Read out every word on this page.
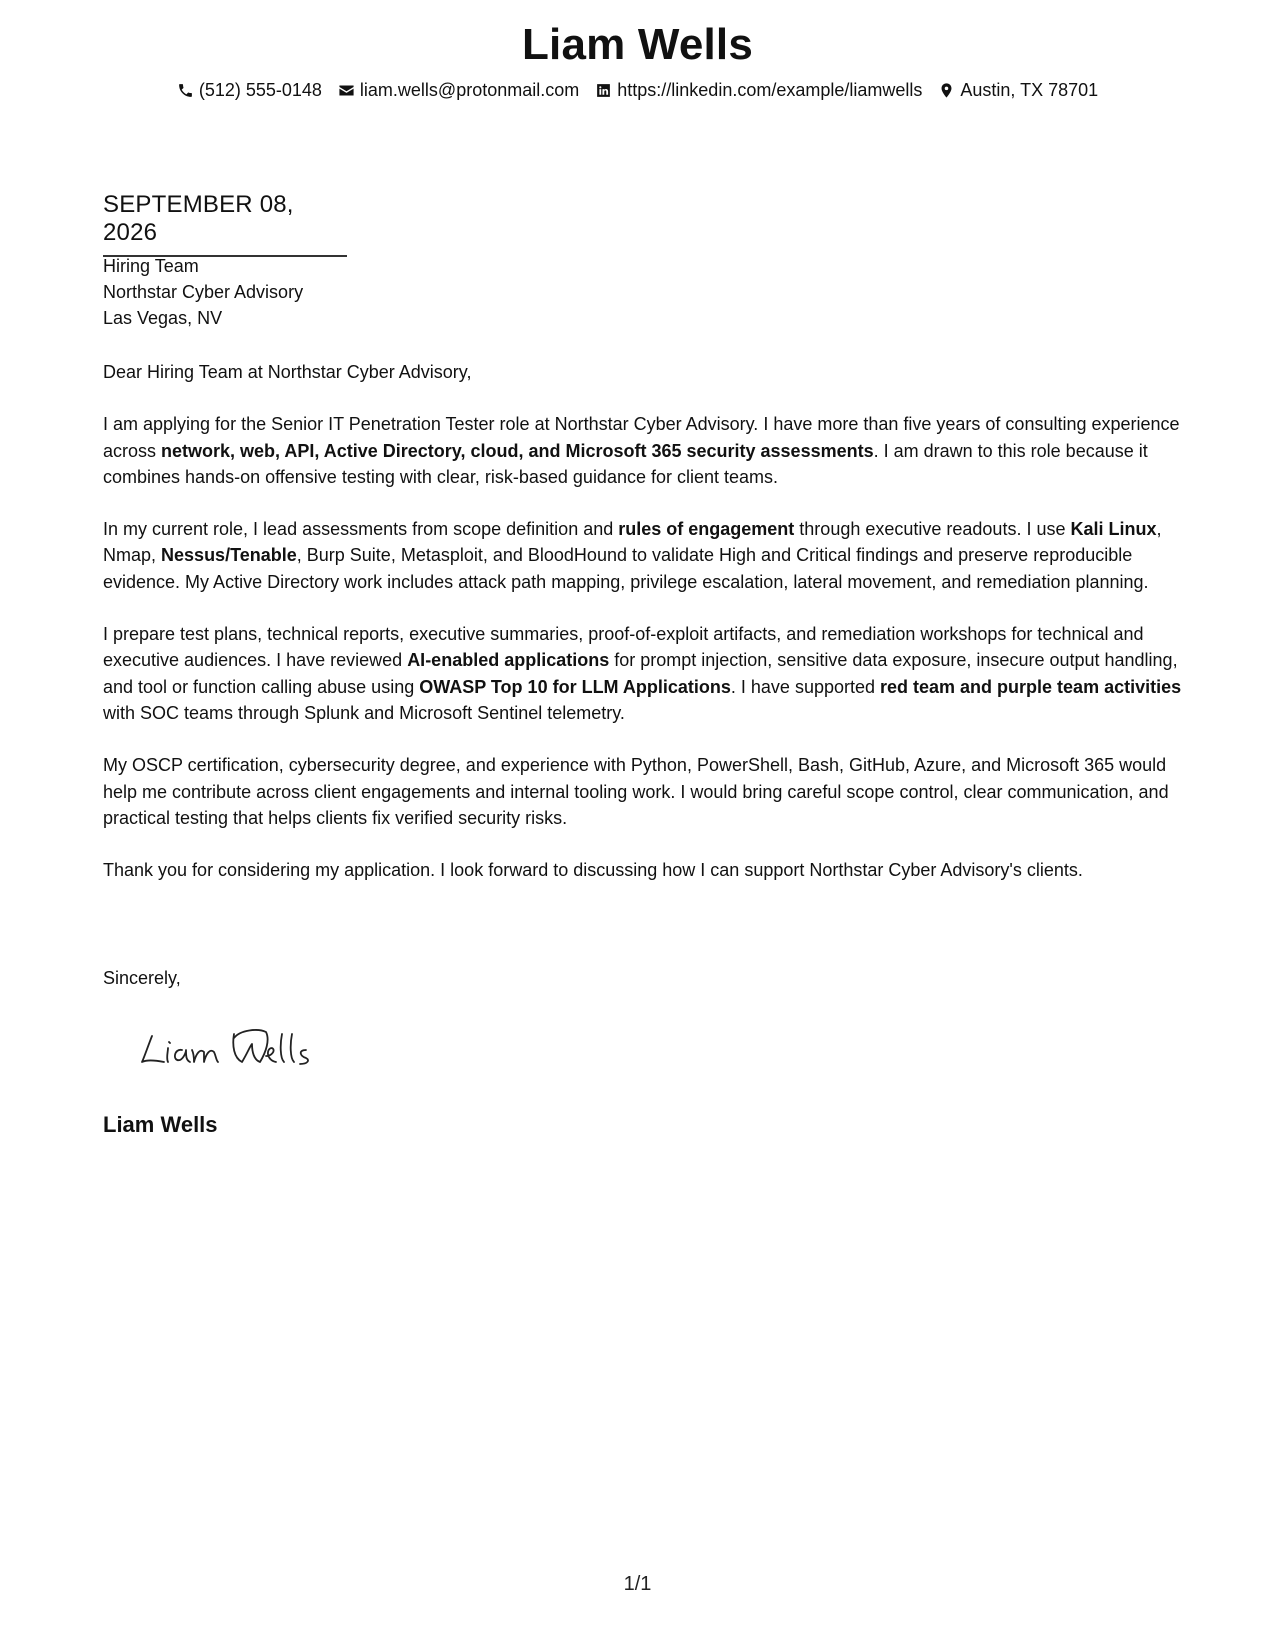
Liam Wells
(512) 555-0148 liam.wells@protonmail.com https://linkedin.com/example/liamwells Austin, TX 78701
SEPTEMBER 08, 2026
Hiring Team
Northstar Cyber Advisory
Las Vegas, NV

Dear Hiring Team at Northstar Cyber Advisory,

I am applying for the Senior IT Penetration Tester role at Northstar Cyber Advisory. I have more than five years of consulting experience across network, web, API, Active Directory, cloud, and Microsoft 365 security assessments. I am drawn to this role because it combines hands-on offensive testing with clear, risk-based guidance for client teams.

In my current role, I lead assessments from scope definition and rules of engagement through executive readouts. I use Kali Linux, Nmap, Nessus/Tenable, Burp Suite, Metasploit, and BloodHound to validate High and Critical findings and preserve reproducible evidence. My Active Directory work includes attack path mapping, privilege escalation, lateral movement, and remediation planning.

I prepare test plans, technical reports, executive summaries, proof-of-exploit artifacts, and remediation workshops for technical and executive audiences. I have reviewed AI-enabled applications for prompt injection, sensitive data exposure, insecure output handling, and tool or function calling abuse using OWASP Top 10 for LLM Applications. I have supported red team and purple team activities with SOC teams through Splunk and Microsoft Sentinel telemetry.

My OSCP certification, cybersecurity degree, and experience with Python, PowerShell, Bash, GitHub, Azure, and Microsoft 365 would help me contribute across client engagements and internal tooling work. I would bring careful scope control, clear communication, and practical testing that helps clients fix verified security risks.

Thank you for considering my application. I look forward to discussing how I can support Northstar Cyber Advisory's clients.

Sincerely,
Liam Wells
1/1
